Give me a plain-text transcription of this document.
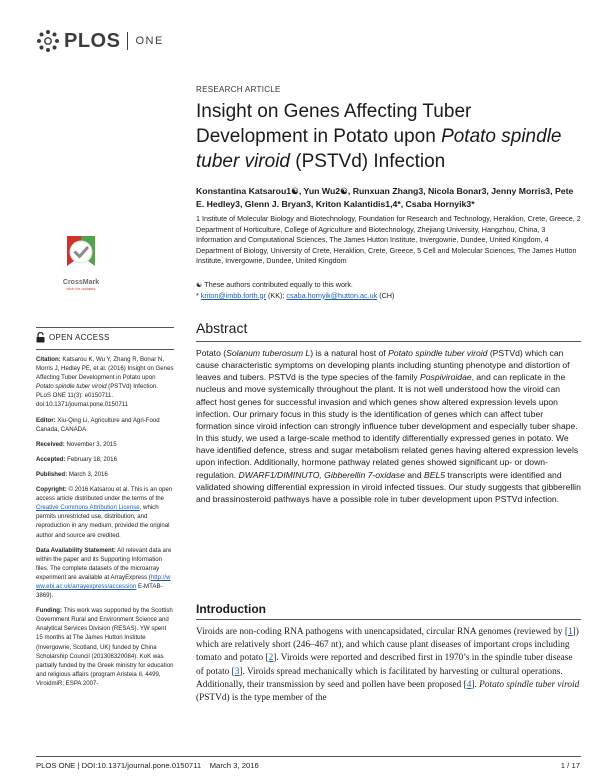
PLOS ONE
RESEARCH ARTICLE
Insight on Genes Affecting Tuber Development in Potato upon Potato spindle tuber viroid (PSTVd) Infection
Konstantina Katsarou1☯, Yun Wu2☯, Runxuan Zhang3, Nicola Bonar3, Jenny Morris3, Pete E. Hedley3, Glenn J. Bryan3, Kriton Kalantidis1,4*, Csaba Hornyik3*
1 Institute of Molecular Biology and Biotechnology, Foundation for Research and Technology, Heraklion, Crete, Greece, 2 Department of Horticulture, College of Agriculture and Biotechnology, Zhejiang University, Hangzhou, China, 3 Information and Computational Sciences, The James Hutton Institute, Invergowrie, Dundee, United Kingdom, 4 Department of Biology, University of Crete, Heraklion, Crete, Greece, 5 Cell and Molecular Sciences, The James Hutton Institute, Invergowrie, Dundee, United Kingdom
☯ These authors contributed equally to this work.
* kriton@imbb.forth.gr (KK); csaba.hornyik@hutton.ac.uk (CH)
CrossMark
click for updates
OPEN ACCESS
Citation: Katsarou K, Wu Y, Zhang R, Bonar N, Morris J, Hedley PE, et al. (2016) Insight on Genes Affecting Tuber Development in Potato upon Potato spindle tuber viroid (PSTVd) Infection. PLoS ONE 11(3): e0150711. doi:10.1371/journal.pone.0150711
Editor: Xiu-Qing Li, Agriculture and Agri-Food Canada, CANADA
Received: November 3, 2015
Accepted: February 18, 2016
Published: March 3, 2016
Copyright: © 2016 Katsarou et al. This is an open access article distributed under the terms of the Creative Commons Attribution License, which permits unrestricted use, distribution, and reproduction in any medium, provided the original author and source are credited.
Data Availability Statement: All relevant data are within the paper and its Supporting Information files. The complete datasets of the microarray experiment are available at ArrayExpress (http://www.ebi.ac.uk/arrayexpress/accession E-MTAB-3869).
Funding: This work was supported by the Scottish Government Rural and Environment Science and Analytical Services Division (RESAS). YW spent 15 months at The James Hutton Institute (Invergowrie, Scotland, UK) funded by China Scholarship Council (201306320084). KoK was partially funded by the Greek ministry for education and religious affairs (program Aristeia II, 4499, ViroidmiR; ESPA 2007-
Abstract
Potato (Solanum tuberosum L) is a natural host of Potato spindle tuber viroid (PSTVd) which can cause characteristic symptoms on developing plants including stunting phenotype and distortion of leaves and tubers. PSTVd is the type species of the family Pospiviroidae, and can replicate in the nucleus and move systemically throughout the plant. It is not well understood how the viroid can affect host genes for successful invasion and which genes show altered expression levels upon infection. Our primary focus in this study is the identification of genes which can affect tuber formation since viroid infection can strongly influence tuber development and especially tuber shape. In this study, we used a large-scale method to identify differentially expressed genes in potato. We have identified defence, stress and sugar metabolism related genes having altered expression levels upon infection. Additionally, hormone pathway related genes showed significant up- or down-regulation. DWARF1/DIMINUTO, Gibberellin 7-oxidase and BEL5 transcripts were identified and validated showing differential expression in viroid infected tissues. Our study suggests that gibberellin and brassinosteroid pathways have a possible role in tuber development upon PSTVd infection.
Introduction
Viroids are non-coding RNA pathogens with unencapsidated, circular RNA genomes (reviewed by [1]) which are relatively short (246–467 nt), and which cause plant diseases of important crops including tomato and potato [2]. Viroids were reported and described first in 1970’s in the spindle tuber disease of potato [3]. Viroids spread mechanically which is facilitated by harvesting or cultural operations. Additionally, their transmission by seed and pollen have been proposed [4]. Potato spindle tuber viroid (PSTVd) is the type member of the
PLOS ONE | DOI:10.1371/journal.pone.0150711    March 3, 2016	1 / 17
